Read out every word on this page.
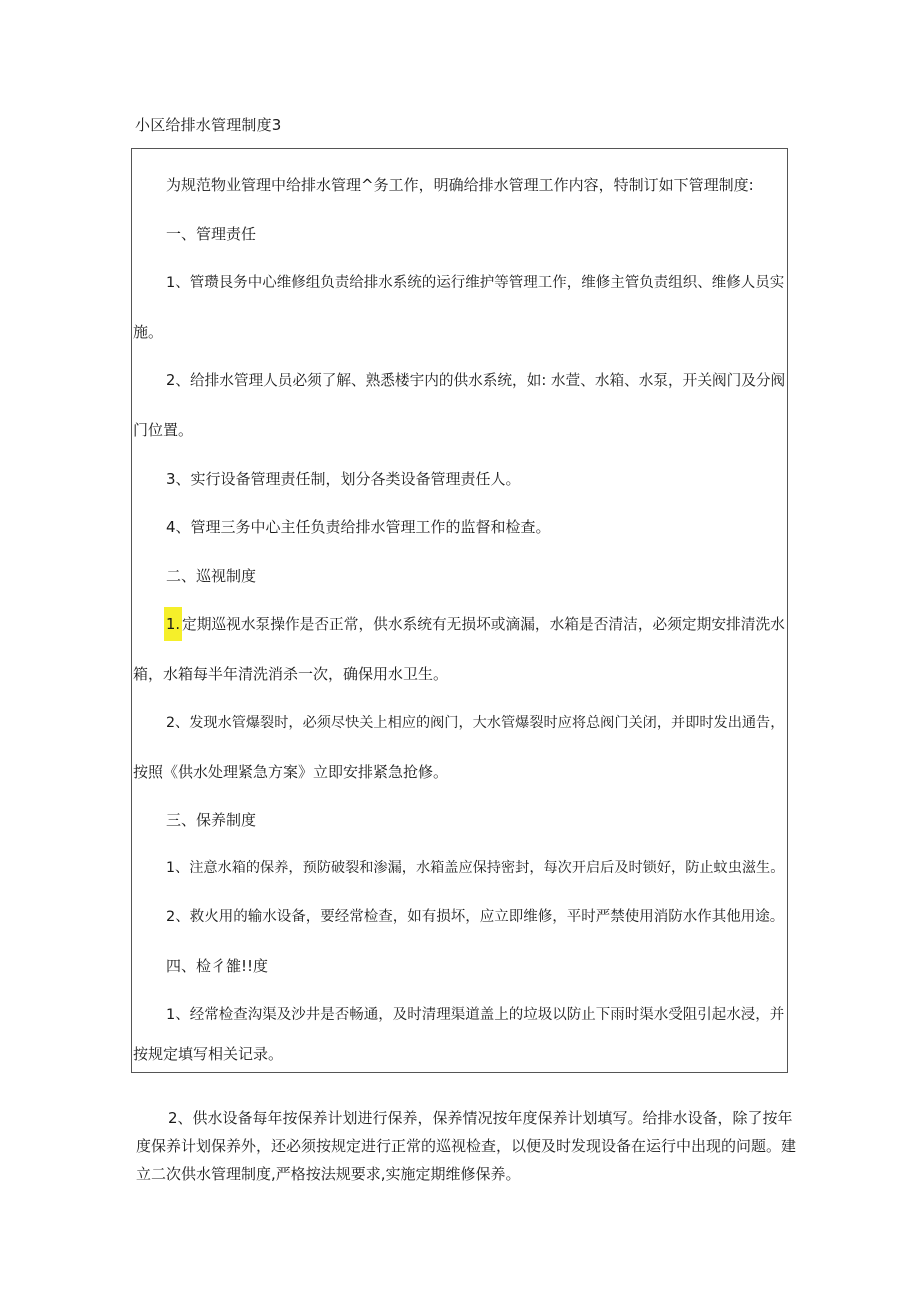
小区给排水管理制度3
为规范物业管理中给排水管理^务工作，明确给排水管理工作内容，特制订如下管理制度:
一、管理责任
1、管瓒艮务中心维修组负责给排水系统的运行维护等管理工作，维修主管负责组织、维修人员实
施。
2、给排水管理人员必须了解、熟悉楼宇内的供水系统，如: 水萱、水箱、水泵，开关阀门及分阀
门位置。
3、实行设备管理责任制，划分各类设备管理责任人。
4、管理三务中心主任负责给排水管理工作的监督和检查。
二、巡视制度
1. 定期巡视水泵操作是否正常，供水系统有无损坏或滴漏，水箱是否清洁，必须定期安排清洗水
箱，水箱每半年清洗消杀一次，确保用水卫生。
2、发现水管爆裂时，必须尽快关上相应的阀门，大水管爆裂时应将总阀门关闭，并即时发出通告，
按照《供水处理紧急方案》立即安排紧急抢修。
三、保养制度
1、注意水箱的保养，预防破裂和渗漏，水箱盖应保持密封，每次开启后及时锁好，防止蚊虫滋生。
2、救火用的输水设备，要经常检查，如有损坏，应立即维修，平时严禁使用消防水作其他用途。
四、检彳雒!!度
1、经常检查沟渠及沙井是否畅通，及时清理渠道盖上的垃圾以防止下雨时渠水受阻引起水浸，并
按规定填写相关记录。
2、供水设备每年按保养计划进行保养，保养情况按年度保养计划填写。给排水设备，除了按年度保养计划保养外，还必须按规定进行正常的巡视检查，以便及时发现设备在运行中出现的问题。建立二次供水管理制度,严格按法规要求,实施定期维修保养。
